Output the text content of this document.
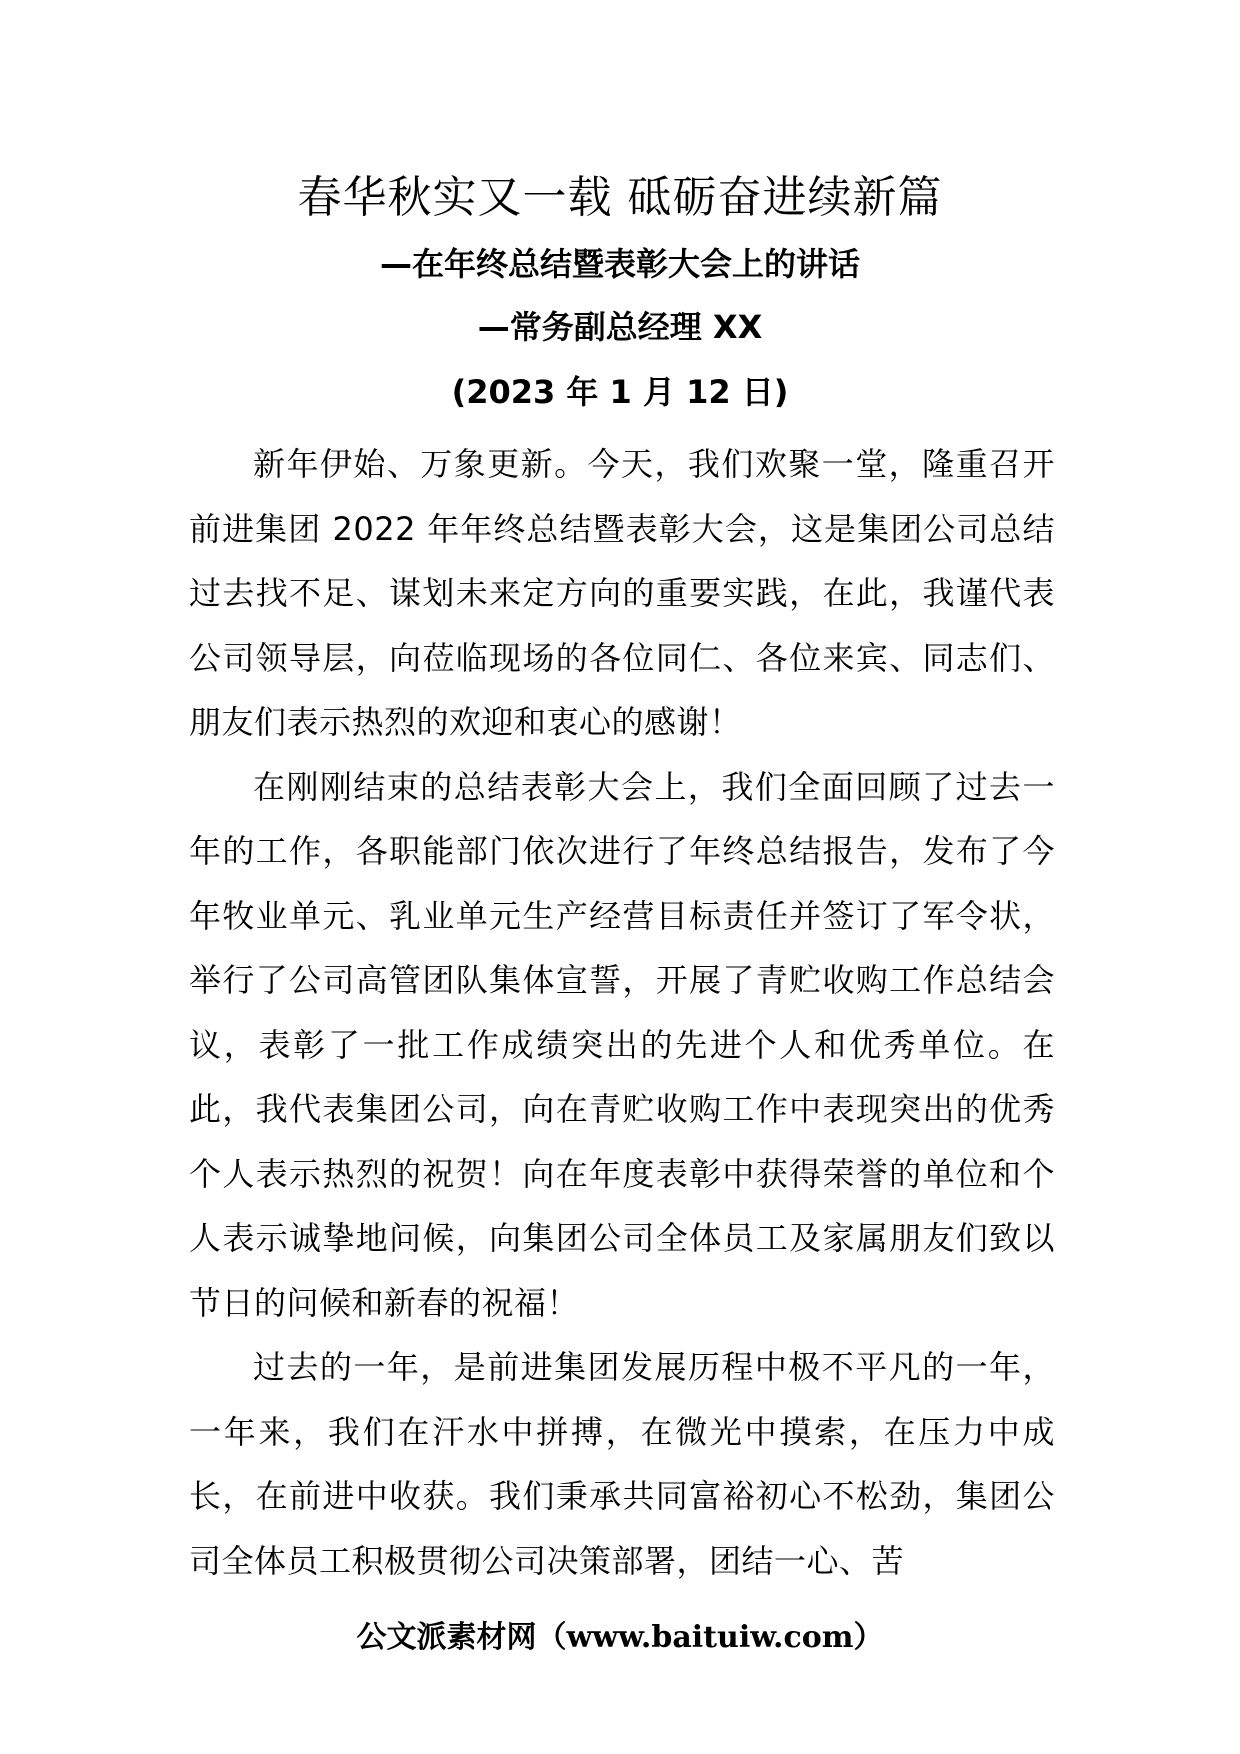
春华秋实又一载 砥砺奋进续新篇
—在年终总结暨表彰大会上的讲话
—常务副总经理 XX
(2023 年 1 月 12 日)

新年伊始、万象更新。今天，我们欢聚一堂，隆重召开前进集团 2022 年年终总结暨表彰大会，这是集团公司总结过去找不足、谋划未来定方向的重要实践，在此，我谨代表公司领导层，向莅临现场的各位同仁、各位来宾、同志们、朋友们表示热烈的欢迎和衷心的感谢！

在刚刚结束的总结表彰大会上，我们全面回顾了过去一年的工作，各职能部门依次进行了年终总结报告，发布了今年牧业单元、乳业单元生产经营目标责任并签订了军令状，举行了公司高管团队集体宣誓，开展了青贮收购工作总结会议，表彰了一批工作成绩突出的先进个人和优秀单位。在此，我代表集团公司，向在青贮收购工作中表现突出的优秀个人表示热烈的祝贺！向在年度表彰中获得荣誉的单位和个人表示诚挚地问候，向集团公司全体员工及家属朋友们致以节日的问候和新春的祝福！

过去的一年，是前进集团发展历程中极不平凡的一年，一年来，我们在汗水中拼搏，在微光中摸索，在压力中成长，在前进中收获。我们秉承共同富裕初心不松劲，集团公司全体员工积极贯彻公司决策部署，团结一心、苦

公文派素材网（www.baituiw.com）
